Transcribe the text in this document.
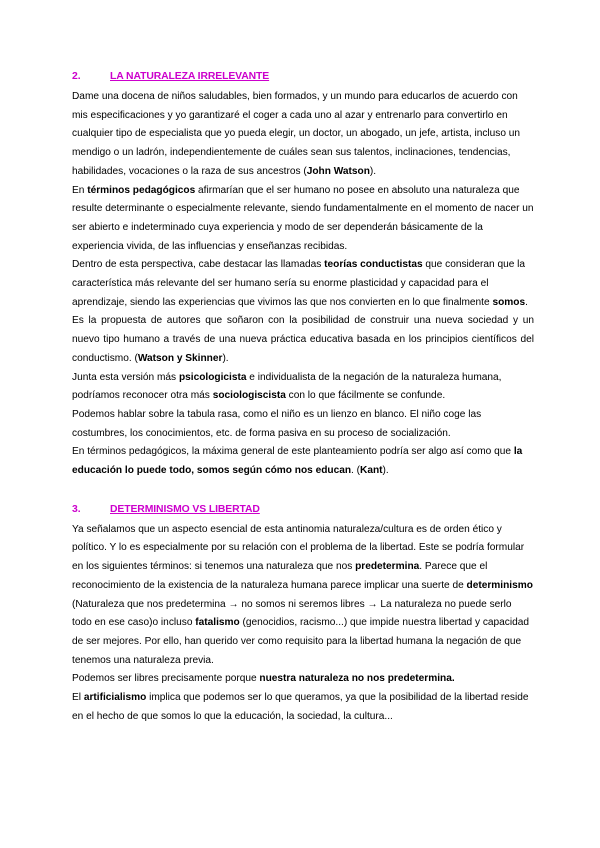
2.	LA NATURALEZA IRRELEVANTE

Dame una docena de niños saludables, bien formados, y un mundo para educarlos de acuerdo con mis especificaciones y yo garantizaré el coger a cada uno al azar y entrenarlo para convertirlo en cualquier tipo de especialista que yo pueda elegir, un doctor, un abogado, un jefe, artista, incluso un mendigo o un ladrón, independientemente de cuáles sean sus talentos, inclinaciones, tendencias, habilidades, vocaciones o la raza de sus ancestros (John Watson).

En términos pedagógicos afirmarían que el ser humano no posee en absoluto una naturaleza que resulte determinante o especialmente relevante, siendo fundamentalmente en el momento de nacer un ser abierto e indeterminado cuya experiencia y modo de ser dependerán básicamente de la experiencia vivida, de las influencias y enseñanzas recibidas.

Dentro de esta perspectiva, cabe destacar las llamadas teorías conductistas que consideran que la característica más relevante del ser humano sería su enorme plasticidad y capacidad para el aprendizaje, siendo las experiencias que vivimos las que nos convierten en lo que finalmente somos.

Es la propuesta de autores que soñaron con la posibilidad de construir una nueva sociedad y un nuevo tipo humano a través de una nueva práctica educativa basada en los principios científicos del conductismo. (Watson y Skinner).

Junta esta versión más psicologicista e individualista de la negación de la naturaleza humana, podríamos reconocer otra más sociologiscista con lo que fácilmente se confunde.

Podemos hablar sobre la tabula rasa, como el niño es un lienzo en blanco. El niño coge las costumbres, los conocimientos, etc. de forma pasiva en su proceso de socialización.

En términos pedagógicos, la máxima general de este planteamiento podría ser algo así como que la educación lo puede todo, somos según cómo nos educan. (Kant).

3.	DETERMINISMO VS LIBERTAD

Ya señalamos que un aspecto esencial de esta antinomia naturaleza/cultura es de orden ético y político. Y lo es especialmente por su relación con el problema de la libertad. Este se podría formular en los siguientes términos: si tenemos una naturaleza que nos predetermina. Parece que el reconocimiento de la existencia de la naturaleza humana parece implicar una suerte de determinismo (Naturaleza que nos predetermina → no somos ni seremos libres → La naturaleza no puede serlo todo en ese caso)o incluso fatalismo (genocidios, racismo...) que impide nuestra libertad y capacidad de ser mejores. Por ello, han querido ver como requisito para la libertad humana la negación de que tenemos una naturaleza previa.

Podemos ser libres precisamente porque nuestra naturaleza no nos predetermina.

El artificialismo implica que podemos ser lo que queramos, ya que la posibilidad de la libertad reside en el hecho de que somos lo que la educación, la sociedad, la cultura...
